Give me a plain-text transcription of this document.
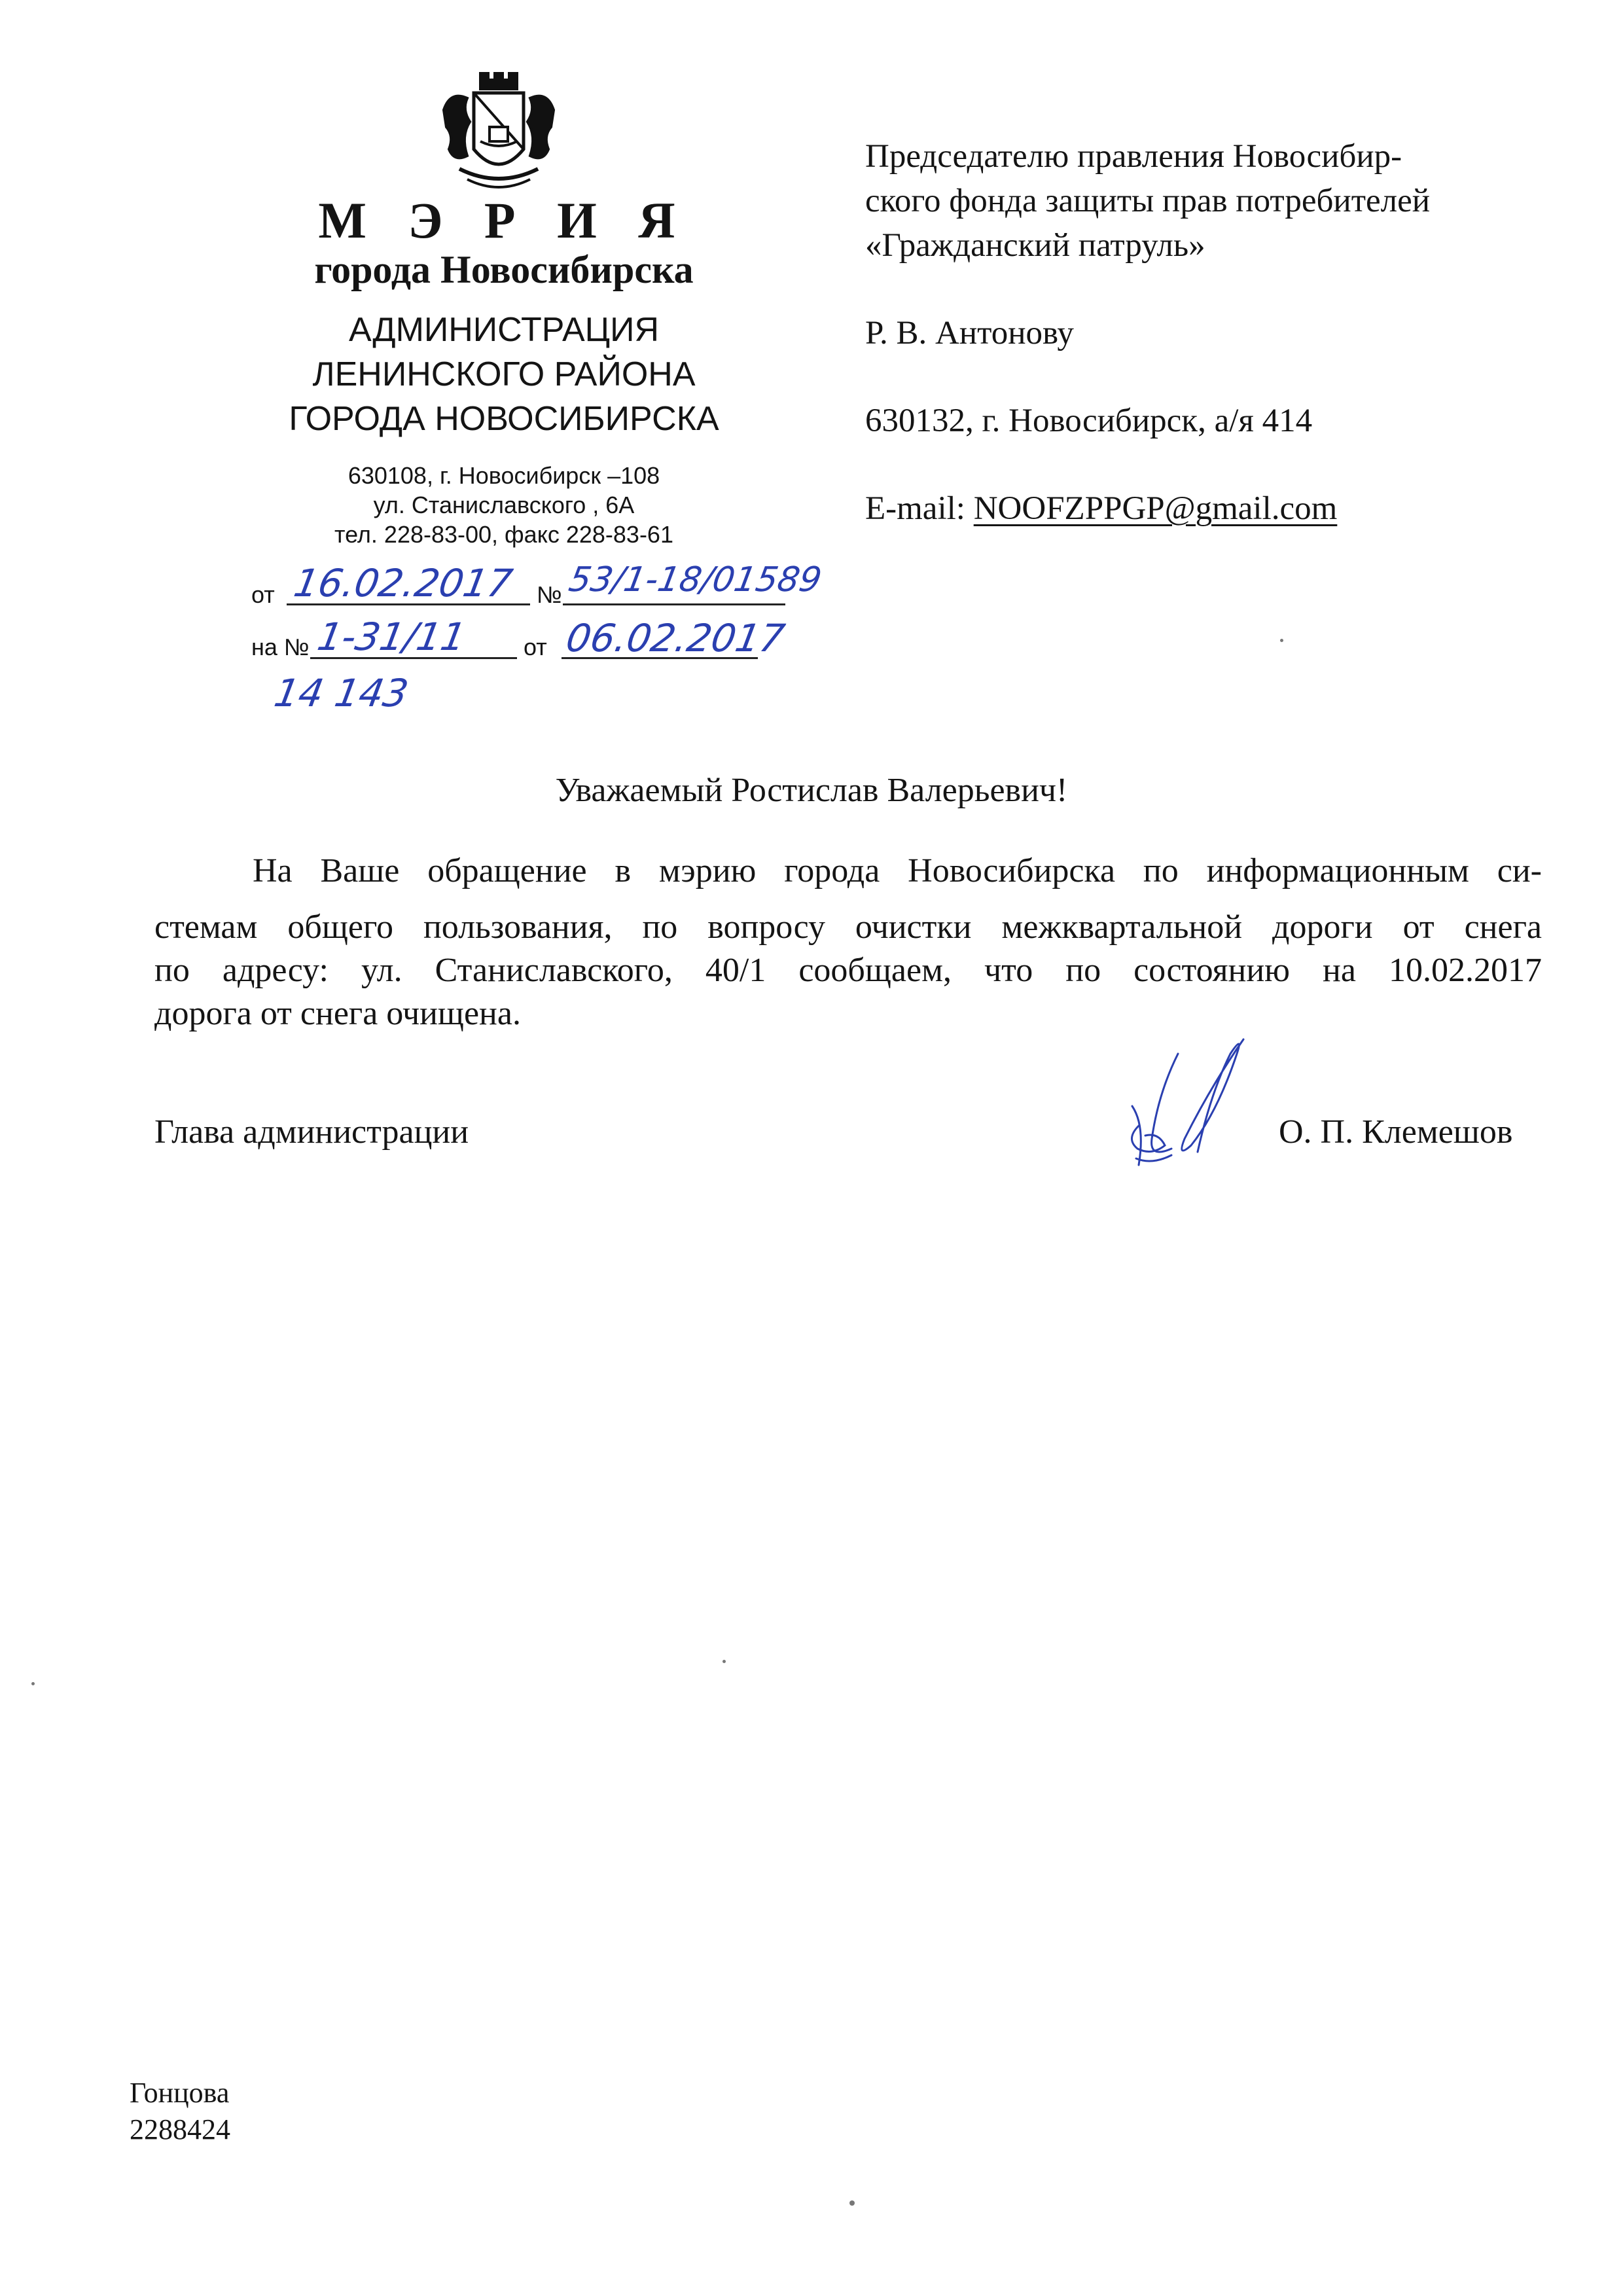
М Э Р И Я
города Новосибирска
АДМИНИСТРАЦИЯ
ЛЕНИНСКОГО РАЙОНА
ГОРОДА НОВОСИБИРСКА
630108, г. Новосибирск –108
ул. Станиславского , 6А
тел. 228-83-00, факс 228-83-61
от 16.02.2017 № 53/1-18/01589
на № 1-31/11 от 06.02.2017
14 143
Председателю правления Новосибир-
ского фонда защиты прав потребителей
«Гражданский патруль»
Р. В. Антонову
630132, г. Новосибирск, а/я 414
E-mail: NOOFZPPGP@gmail.com
Уважаемый Ростислав Валерьевич!
На Ваше обращение в мэрию города Новосибирска по информационным си-
стемам общего пользования, по вопросу очистки межквартальной дороги от снега
по адресу: ул. Станиславского, 40/1 сообщаем, что по состоянию на 10.02.2017
дорога от снега очищена.
Глава администрации	О. П. Клемешов
Гонцова
2288424
